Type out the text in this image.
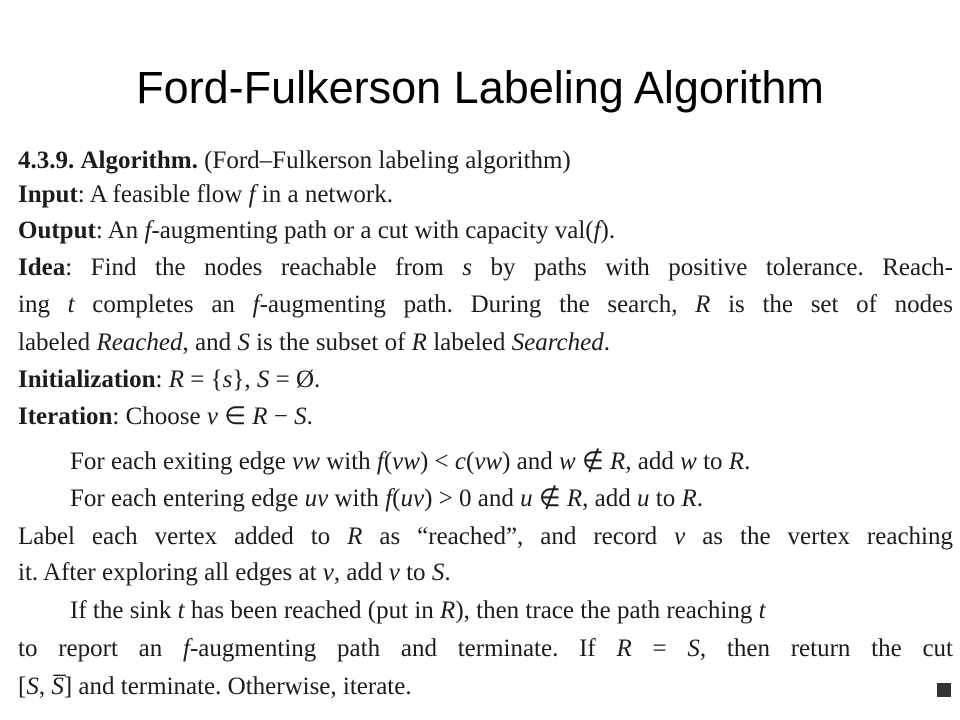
Ford-Fulkerson Labeling Algorithm
4.3.9. Algorithm. (Ford–Fulkerson labeling algorithm)
Input: A feasible flow f in a network.
Output: An f-augmenting path or a cut with capacity val(f).
Idea: Find the nodes reachable from s by paths with positive tolerance. Reach-
ing t completes an f-augmenting path. During the search, R is the set of nodes
labeled Reached, and S is the subset of R labeled Searched.
Initialization: R = {s}, S = Ø.
Iteration: Choose v ∈ R − S.
For each exiting edge vw with f(vw) < c(vw) and w ∉ R, add w to R.
For each entering edge uv with f(uv) > 0 and u ∉ R, add u to R.
Label each vertex added to R as “reached”, and record v as the vertex reaching
it. After exploring all edges at v, add v to S.
If the sink t has been reached (put in R), then trace the path reaching t
to report an f-augmenting path and terminate. If R = S, then return the cut
[S, S̅] and terminate. Otherwise, iterate.
